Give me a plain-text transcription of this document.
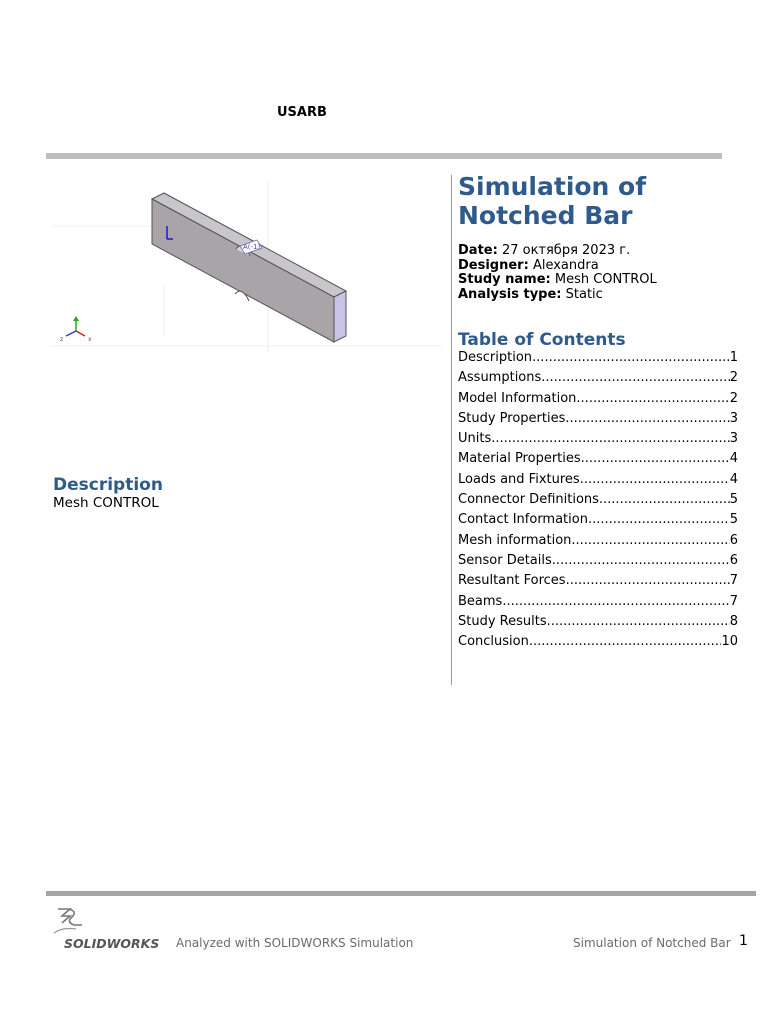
USARB
A(-1)
z	x
Description
Mesh CONTROL
Simulation of Notched Bar
Date: 27 октября 2023 г.
Designer: Alexandra
Study name: Mesh CONTROL
Analysis type: Static
Table of Contents
Description .....	1
Assumptions .....	2
Model Information .....	2
Study Properties .....	3
Units .....	3
Material Properties .....	4
Loads and Fixtures .....	4
Connector Definitions .....	5
Contact Information .....	5
Mesh information .....	6
Sensor Details .....	6
Resultant Forces .....	7
Beams .....	7
Study Results .....	8
Conclusion .....	10
SOLIDWORKS Analyzed with SOLIDWORKS Simulation	Simulation of Notched Bar 1
